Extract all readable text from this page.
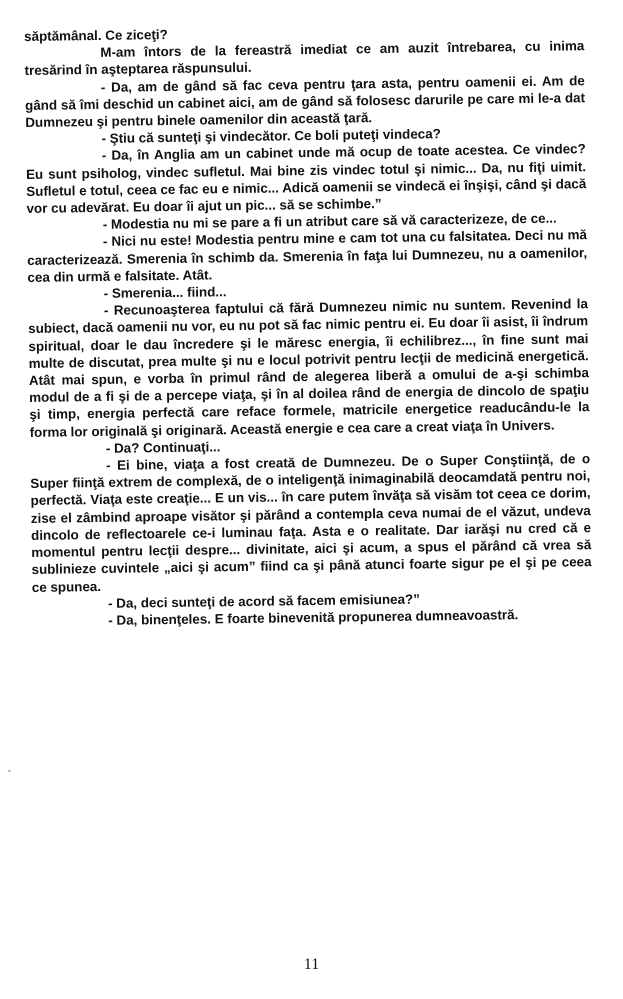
săptămânal. Ce ziceţi?

M-am întors de la fereastră imediat ce am auzit întrebarea, cu inima tresărind în aşteptarea răspunsului.

- Da, am de gând să fac ceva pentru ţara asta, pentru oamenii ei. Am de gând să îmi deschid un cabinet aici, am de gând să folosesc darurile pe care mi le-a dat Dumnezeu şi pentru binele oamenilor din această ţară.

- Ştiu că sunteţi şi vindecător. Ce boli puteţi vindeca?

- Da, în Anglia am un cabinet unde mă ocup de toate acestea. Ce vindec? Eu sunt psiholog, vindec sufletul. Mai bine zis vindec totul şi nimic... Da, nu fiţi uimit. Sufletul e totul, ceea ce fac eu e nimic... Adică oamenii se vindecă ei înşişi, când şi dacă vor cu adevărat. Eu doar îi ajut un pic... să se schimbe.”

- Modestia nu mi se pare a fi un atribut care să vă caracterizeze, de ce...

- Nici nu este! Modestia pentru mine e cam tot una cu falsitatea. Deci nu mă caracterizează. Smerenia în schimb da. Smerenia în faţa lui Dumnezeu, nu a oamenilor, cea din urmă e falsitate. Atât.

- Smerenia... fiind...

- Recunoaşterea faptului că fără Dumnezeu nimic nu suntem. Revenind la subiect, dacă oamenii nu vor, eu nu pot să fac nimic pentru ei. Eu doar îi asist, îi îndrum spiritual, doar le dau încredere şi le măresc energia, îi echilibrez..., în fine sunt mai multe de discutat, prea multe şi nu e locul potrivit pentru lecţii de medicină energetică. Atât mai spun, e vorba în primul rând de alegerea liberă a omului de a-şi schimba modul de a fi şi de a percepe viaţa, şi în al doilea rând de energia de dincolo de spaţiu şi timp, energia perfectă care reface formele, matricile energetice readucându-le la forma lor originală şi originară. Această energie e cea care a creat viaţa în Univers.

- Da? Continuaţi...

- Ei bine, viaţa a fost creată de Dumnezeu. De o Super Conştiinţă, de o Super fiinţă extrem de complexă, de o inteligenţă inimaginabilă deocamdată pentru noi, perfectă. Viaţa este creaţie... E un vis... în care putem învăţa să visăm tot ceea ce dorim, zise el zâmbind aproape visător şi părând a contempla ceva numai de el văzut, undeva dincolo de reflectoarele ce-i luminau faţa. Asta e o realitate. Dar iarăşi nu cred că e momentul pentru lecţii despre... divinitate, aici şi acum, a spus el părând că vrea să sublinieze cuvintele „aici şi acum” fiind ca şi până atunci foarte sigur pe el şi pe ceea ce spunea.

- Da, deci sunteţi de acord să facem emisiunea?”

- Da, binenţeles. E foarte binevenită propunerea dumneavoastră.

11
